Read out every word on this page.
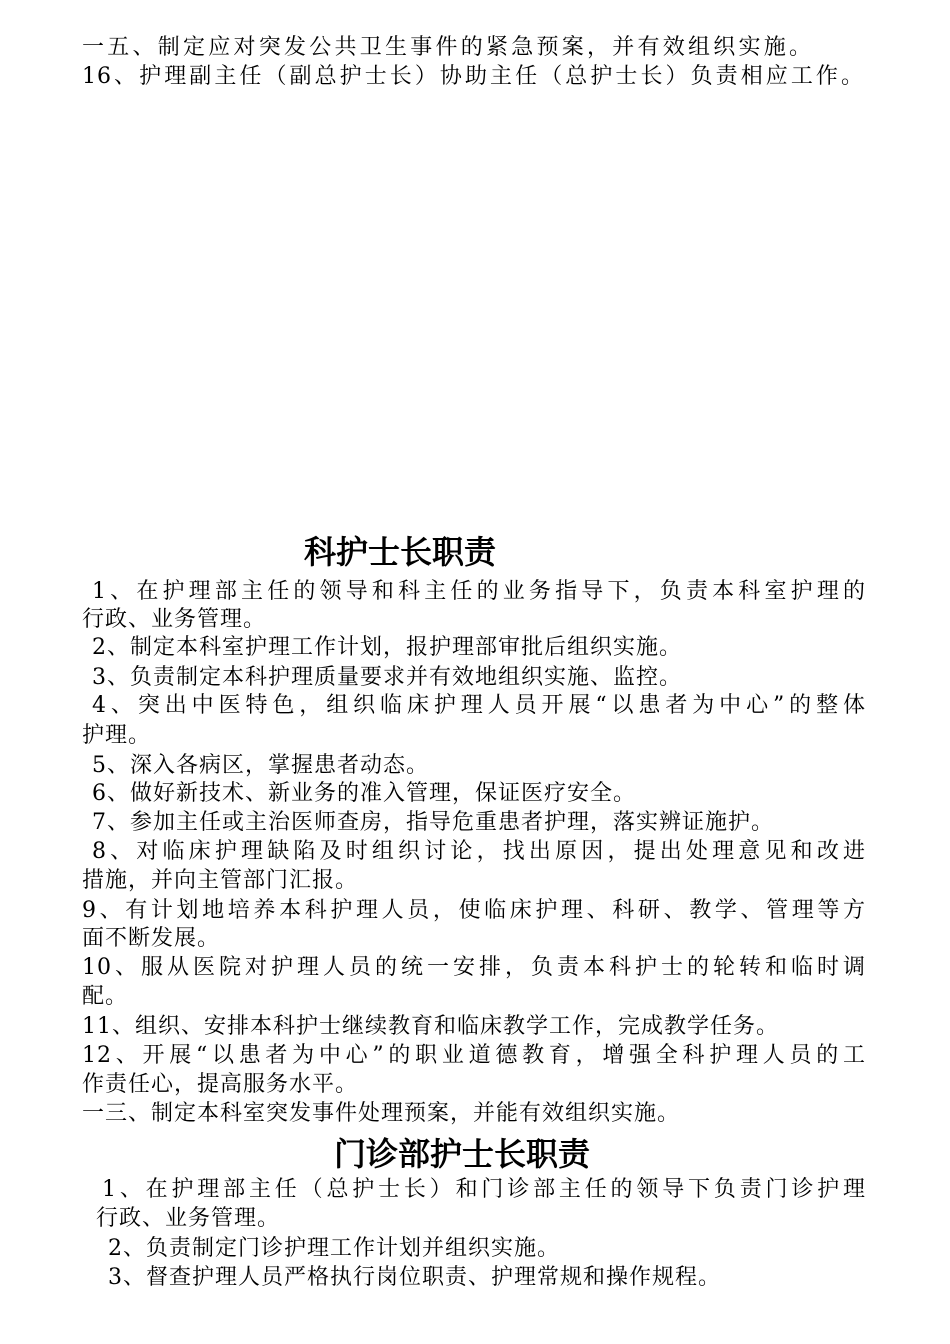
一五、制定应对突发公共卫生事件的紧急预案，并有效组织实施。
16、护理副主任（副总护士长）协助主任（总护士长）负责相应工作。
科护士长职责
1、在护理部主任的领导和科主任的业务指导下，负责本科室护理的
行政、业务管理。
2、制定本科室护理工作计划，报护理部审批后组织实施。
3、负责制定本科护理质量要求并有效地组织实施、监控。
4、突出中医特色，组织临床护理人员开展“以患者为中心”的整体
护理。
5、深入各病区，掌握患者动态。
6、做好新技术、新业务的准入管理，保证医疗安全。
7、参加主任或主治医师查房，指导危重患者护理，落实辨证施护。
8、对临床护理缺陷及时组织讨论，找出原因，提出处理意见和改进
措施，并向主管部门汇报。
9、有计划地培养本科护理人员，使临床护理、科研、教学、管理等方
面不断发展。
10、服从医院对护理人员的统一安排，负责本科护士的轮转和临时调
配。
11、组织、安排本科护士继续教育和临床教学工作，完成教学任务。
12、开展“以患者为中心”的职业道德教育，增强全科护理人员的工
作责任心，提高服务水平。
一三、制定本科室突发事件处理预案，并能有效组织实施。
门诊部护士长职责
1、在护理部主任（总护士长）和门诊部主任的领导下负责门诊护理
行政、业务管理。
2、负责制定门诊护理工作计划并组织实施。
3、督查护理人员严格执行岗位职责、护理常规和操作规程。
